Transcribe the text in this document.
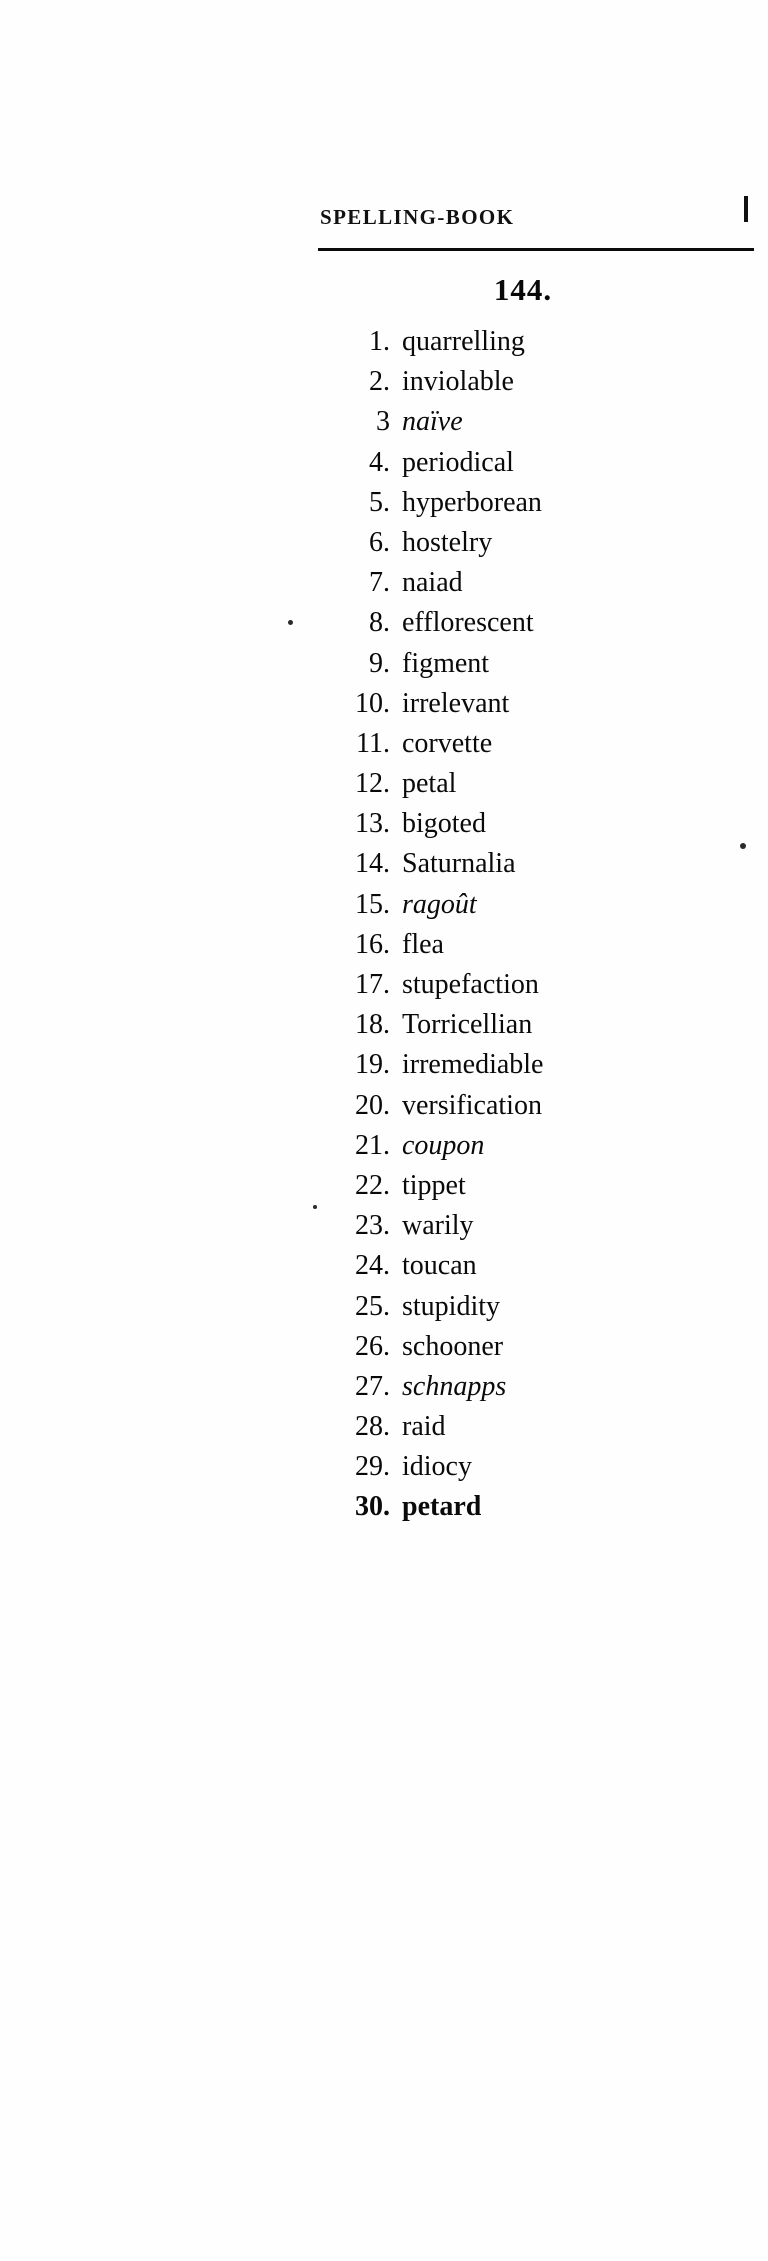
SPELLING-BOOK
144.
1. quarrelling
2. inviolable
3 naïve
4. periodical
5. hyperborean
6. hostelry
7. naiad
8. efflorescent
9. figment
10. irrelevant
11. corvette
12. petal
13. bigoted
14. Saturnalia
15. ragoût
16. flea
17. stupefaction
18. Torricellian
19. irremediable
20. versification
21. coupon
22. tippet
23. warily
24. toucan
25. stupidity
26. schooner
27. schnapps
28. raid
29. idiocy
30. petard
